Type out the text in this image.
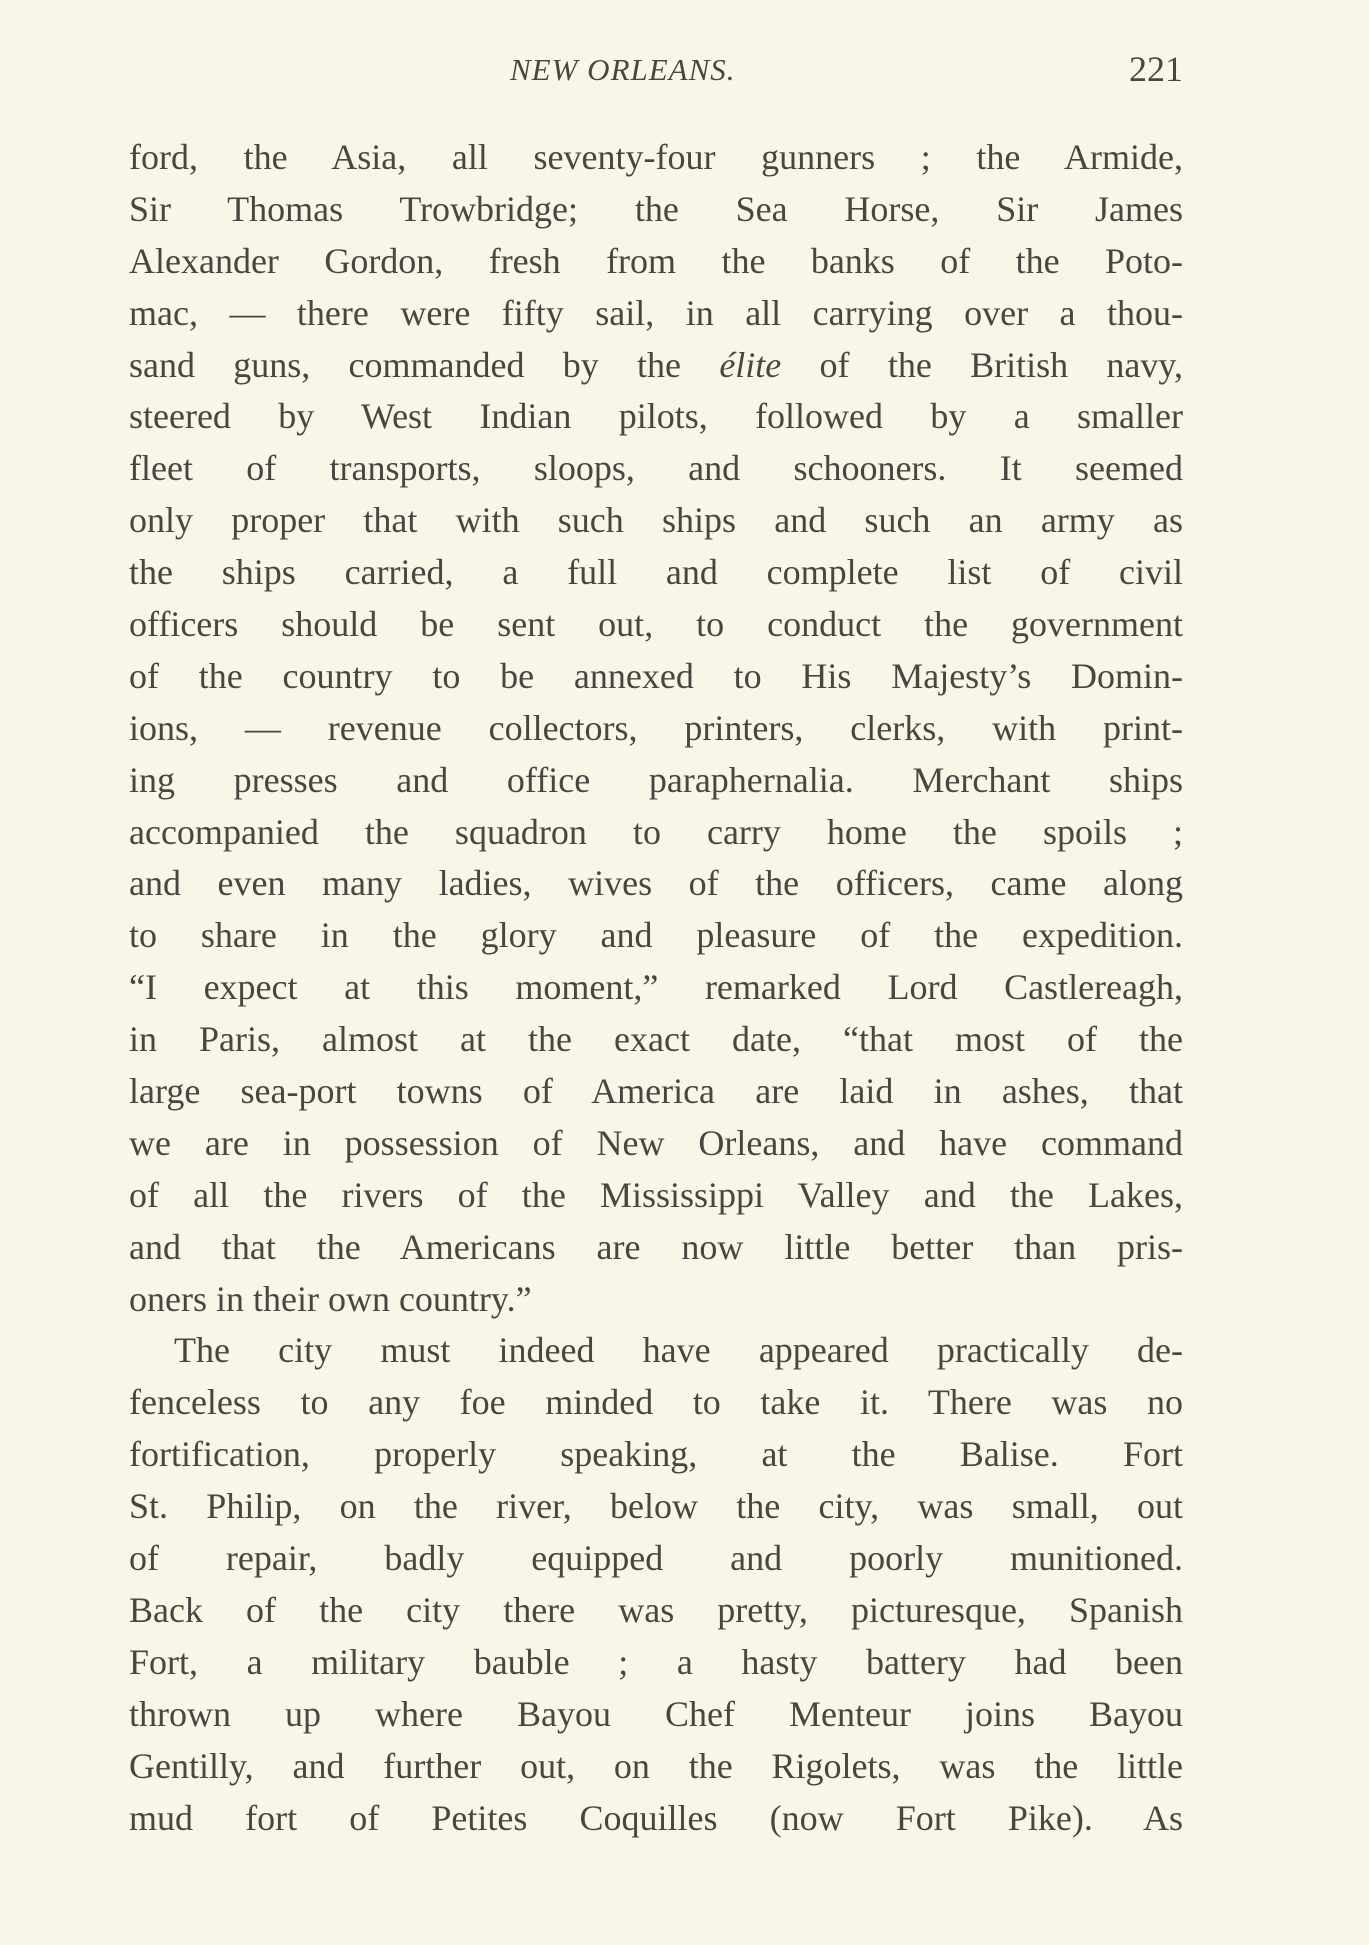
NEW ORLEANS.	221
ford, the Asia, all seventy-four gunners ; the Armide,
Sir Thomas Trowbridge; the Sea Horse, Sir James
Alexander Gordon, fresh from the banks of the Poto-
mac, — there were fifty sail, in all carrying over a thou-
sand guns, commanded by the élite of the British navy,
steered by West Indian pilots, followed by a smaller
fleet of transports, sloops, and schooners. It seemed
only proper that with such ships and such an army as
the ships carried, a full and complete list of civil
officers should be sent out, to conduct the government
of the country to be annexed to His Majesty’s Domin-
ions, — revenue collectors, printers, clerks, with print-
ing presses and office paraphernalia. Merchant ships
accompanied the squadron to carry home the spoils ;
and even many ladies, wives of the officers, came along
to share in the glory and pleasure of the expedition.
“I expect at this moment,” remarked Lord Castlereagh,
in Paris, almost at the exact date, “that most of the
large sea-port towns of America are laid in ashes, that
we are in possession of New Orleans, and have command
of all the rivers of the Mississippi Valley and the Lakes,
and that the Americans are now little better than pris-
oners in their own country.”
The city must indeed have appeared practically de-
fenceless to any foe minded to take it. There was no
fortification, properly speaking, at the Balise. Fort
St. Philip, on the river, below the city, was small, out
of repair, badly equipped and poorly munitioned.
Back of the city there was pretty, picturesque, Spanish
Fort, a military bauble ; a hasty battery had been
thrown up where Bayou Chef Menteur joins Bayou
Gentilly, and further out, on the Rigolets, was the little
mud fort of Petites Coquilles (now Fort Pike). As
